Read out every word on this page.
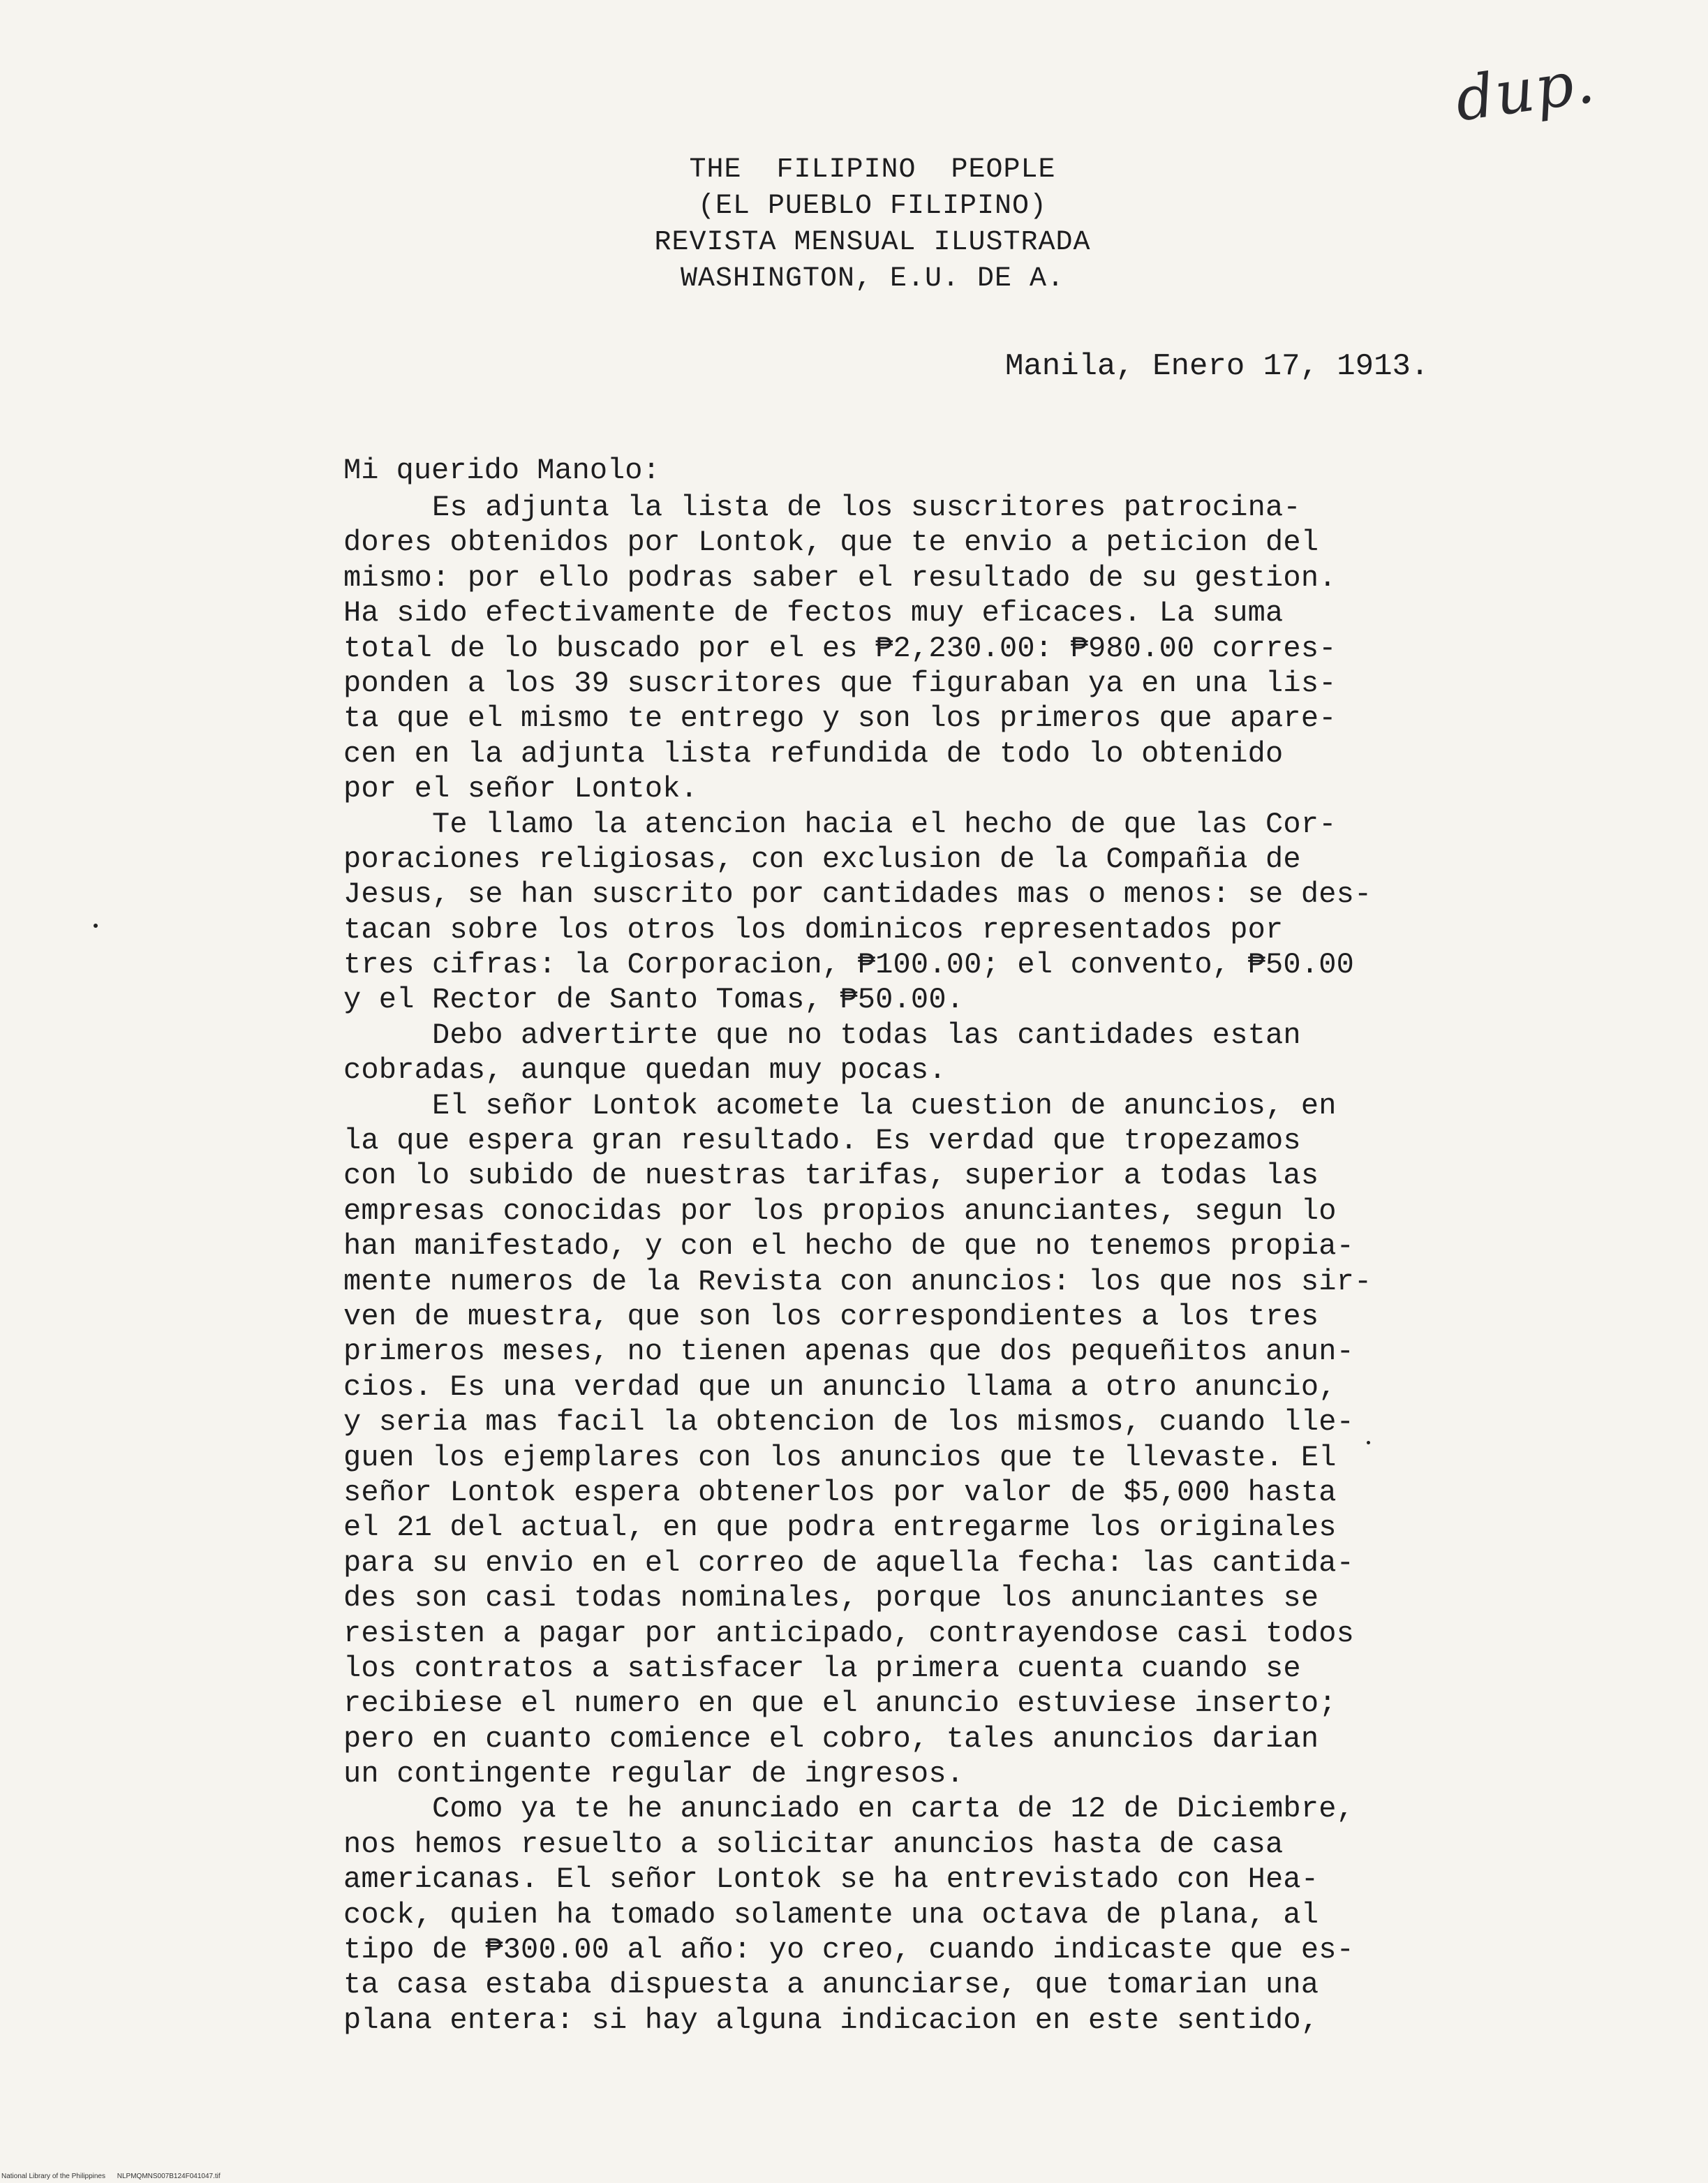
dup.
THE  FILIPINO  PEOPLE
(EL PUEBLO FILIPINO)
REVISTA MENSUAL ILUSTRADA
WASHINGTON, E.U. DE A.
Manila, Enero 17, 1913.
Mi querido Manolo:
Es adjunta la lista de los suscritores patrocina-
dores obtenidos por Lontok, que te envio a peticion del
mismo: por ello podras saber el resultado de su gestion.
Ha sido efectivamente de fectos muy eficaces. La suma
total de lo buscado por el es ₱2,230.00: ₱980.00 corres-
ponden a los 39 suscritores que figuraban ya en una lis-
ta que el mismo te entrego y son los primeros que apare-
cen en la adjunta lista refundida de todo lo obtenido
por el señor Lontok.
Te llamo la atencion hacia el hecho de que las Cor-
poraciones religiosas, con exclusion de la Compañia de
Jesus, se han suscrito por cantidades mas o menos: se des-
tacan sobre los otros los dominicos representados por
tres cifras: la Corporacion, ₱100.00; el convento, ₱50.00
y el Rector de Santo Tomas, ₱50.00.
Debo advertirte que no todas las cantidades estan
cobradas, aunque quedan muy pocas.
El señor Lontok acomete la cuestion de anuncios, en
la que espera gran resultado. Es verdad que tropezamos
con lo subido de nuestras tarifas, superior a todas las
empresas conocidas por los propios anunciantes, segun lo
han manifestado, y con el hecho de que no tenemos propia-
mente numeros de la Revista con anuncios: los que nos sir-
ven de muestra, que son los correspondientes a los tres
primeros meses, no tienen apenas que dos pequeñitos anun-
cios. Es una verdad que un anuncio llama a otro anuncio,
y seria mas facil la obtencion de los mismos, cuando lle-
guen los ejemplares con los anuncios que te llevaste. El
señor Lontok espera obtenerlos por valor de $5,000 hasta
el 21 del actual, en que podra entregarme los originales
para su envio en el correo de aquella fecha: las cantida-
des son casi todas nominales, porque los anunciantes se
resisten a pagar por anticipado, contrayendose casi todos
los contratos a satisfacer la primera cuenta cuando se
recibiese el numero en que el anuncio estuviese inserto;
pero en cuanto comience el cobro, tales anuncios darian
un contingente regular de ingresos.
Como ya te he anunciado en carta de 12 de Diciembre,
nos hemos resuelto a solicitar anuncios hasta de casa
americanas. El señor Lontok se ha entrevistado con Hea-
cock, quien ha tomado solamente una octava de plana, al
tipo de ₱300.00 al año: yo creo, cuando indicaste que es-
ta casa estaba dispuesta a anunciarse, que tomarian una
plana entera: si hay alguna indicacion en este sentido,
National Library of the Philippines NLPMQMNS007B124F041047.tif
